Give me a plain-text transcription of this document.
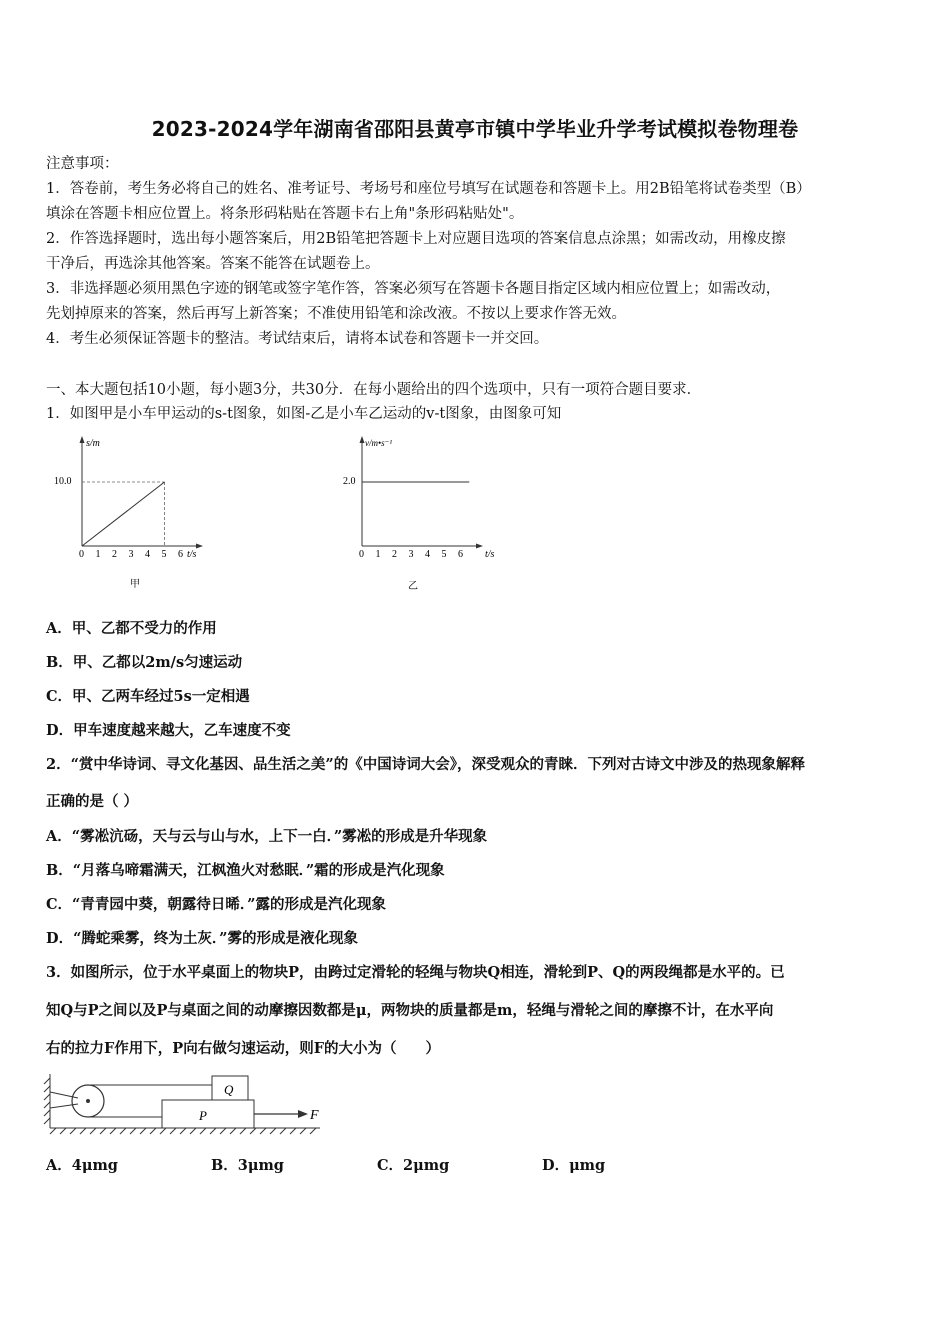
2023-2024学年湖南省邵阳县黄亭市镇中学毕业升学考试模拟卷物理卷
注意事项：
1．答卷前，考生务必将自己的姓名、准考证号、考场号和座位号填写在试题卷和答题卡上。用2B铅笔将试卷类型（B）
填涂在答题卡相应位置上。将条形码粘贴在答题卡右上角"条形码粘贴处"。
2．作答选择题时，选出每小题答案后，用2B铅笔把答题卡上对应题目选项的答案信息点涂黑；如需改动，用橡皮擦
干净后，再选涂其他答案。答案不能答在试题卷上。
3．非选择题必须用黑色字迹的钢笔或签字笔作答，答案必须写在答题卡各题目指定区域内相应位置上；如需改动，
先划掉原来的答案，然后再写上新答案；不准使用铅笔和涂改液。不按以上要求作答无效。
4．考生必须保证答题卡的整洁。考试结束后，请将本试卷和答题卡一并交回。
一、本大题包括10小题，每小题3分，共30分．在每小题给出的四个选项中，只有一项符合题目要求．
1．如图甲是小车甲运动的s-t图象，如图-乙是小车乙运动的v-t图象，由图象可知
s/m
t/s
10.0
0 1 2 3 4 5 6
甲
v/m•s⁻¹
t/s
2.0
0 1 2 3 4 5 6
乙
A．甲、乙都不受力的作用
B．甲、乙都以2m/s匀速运动
C．甲、乙两车经过5s一定相遇
D．甲车速度越来越大，乙车速度不变
2．“赏中华诗词、寻文化基因、品生活之美”的《中国诗词大会》，深受观众的青睐．下列对古诗文中涉及的热现象解释
正确的是（ ）
A．“雾凇沆砀，天与云与山与水，上下一白．”雾凇的形成是升华现象
B．“月落乌啼霜满天，江枫渔火对愁眠．”霜的形成是汽化现象
C．“青青园中葵，朝露待日晞．”露的形成是汽化现象
D．“腾蛇乘雾，终为土灰．”雾的形成是液化现象
3．如图所示，位于水平桌面上的物块P，由跨过定滑轮的轻绳与物块Q相连，滑轮到P、Q的两段绳都是水平的。已
知Q与P之间以及P与桌面之间的动摩擦因数都是μ，两物块的质量都是m，轻绳与滑轮之间的摩擦不计，在水平向
右的拉力F作用下，P向右做匀速运动，则F的大小为（　　）
Q
P	F
A．4μmg	B．3μmg	C．2μmg	D．μmg
